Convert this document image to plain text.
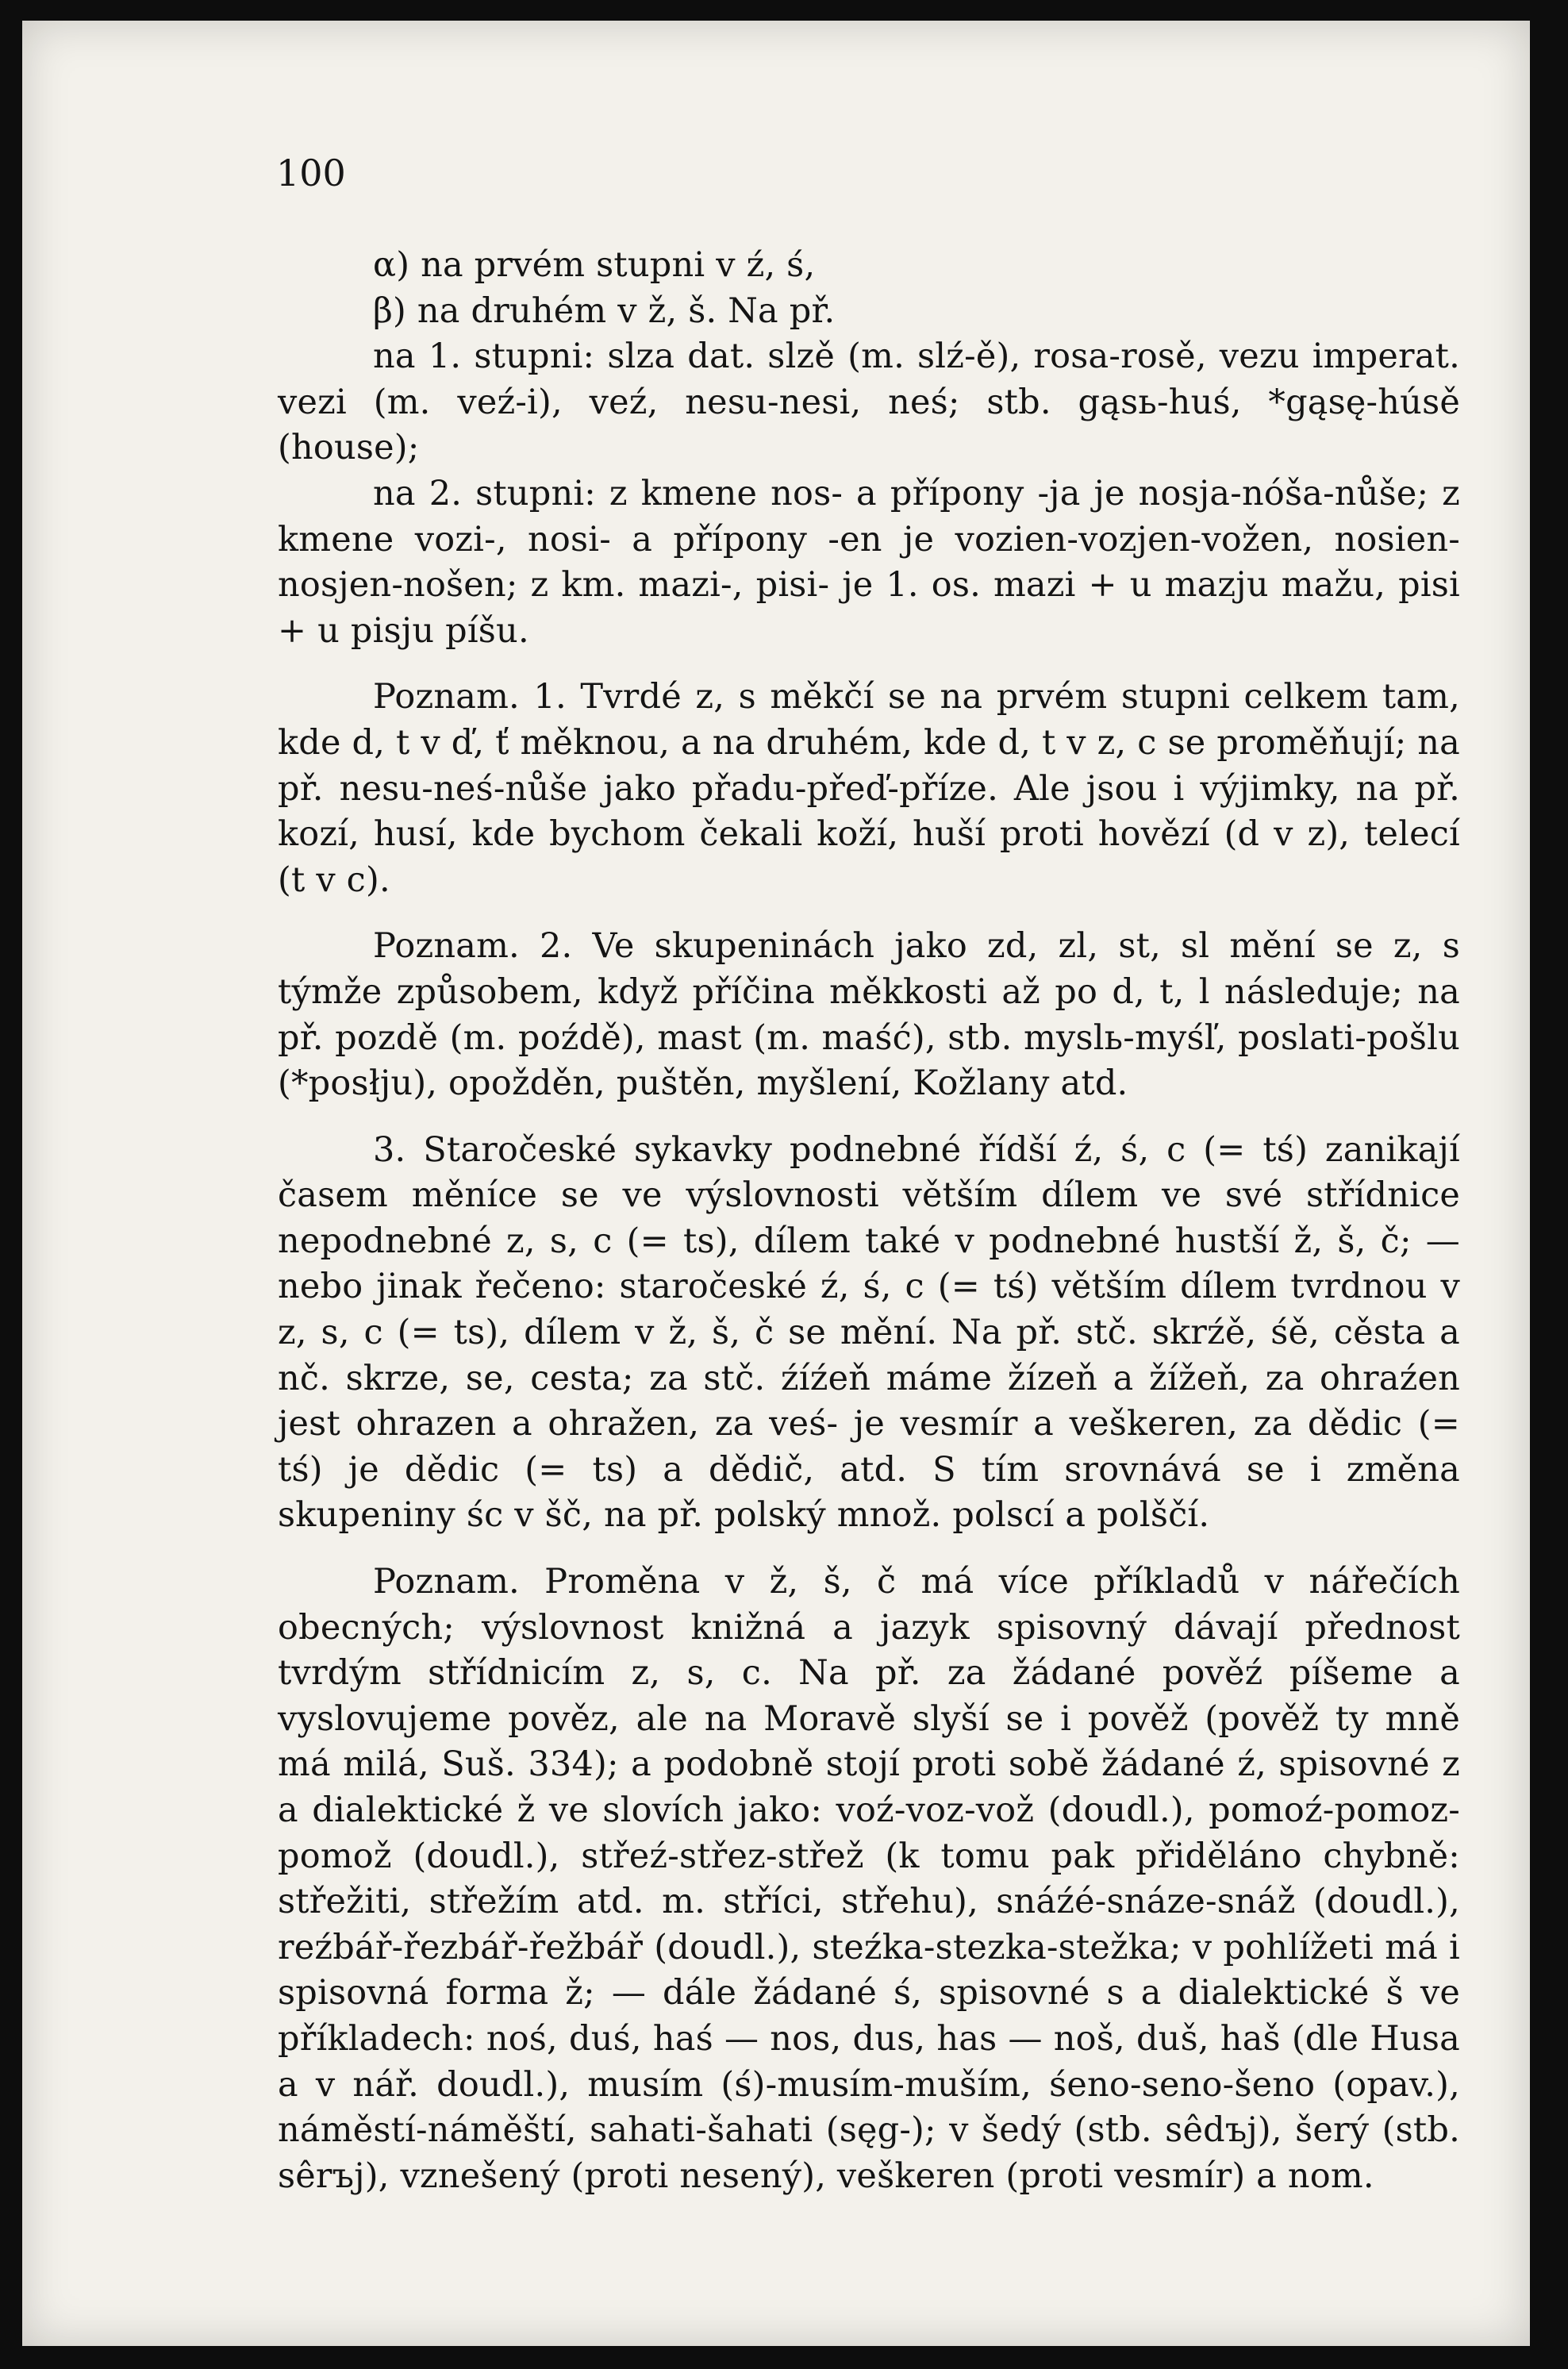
100
α) na prvém stupni v ź, ś,
β) na druhém v ž, š. Na př.
na 1. stupni: slza dat. slzě (m. slź-ě), rosa-rosě, vezu imperat. vezi (m. veź-i), veź, nesu-nesi, neś; stb. gąsь-huś, *gąsę-húsě (house);
na 2. stupni: z kmene nos- a přípony -ja je nosja-nóša-nůše; z kmene vozi-, nosi- a přípony -en je vozien-vozjen-vožen, nosien-nosjen-nošen; z km. mazi-, pisi- je 1. os. mazi + u mazju mažu, pisi + u pisju píšu.
Poznam. 1. Tvrdé z, s měkčí se na prvém stupni celkem tam, kde d, t v ď, ť měknou, a na druhém, kde d, t v z, c se proměňují; na př. nesu-neś-nůše jako přadu-přeď-příze. Ale jsou i výjimky, na př. kozí, husí, kde bychom čekali koží, huší proti hovězí (d v z), telecí (t v c).
Poznam. 2. Ve skupeninách jako zd, zl, st, sl mění se z, s týmže způsobem, když příčina měkkosti až po d, t, l následuje; na př. pozdě (m. poźdě), mast (m. maść), stb. myslь-myśľ, poslati-pošlu (*posłju), opožděn, puštěn, myšlení, Kožlany atd.
3. Staročeské sykavky podnebné řídší ź, ś, c (= tś) zanikají časem měníce se ve výslovnosti větším dílem ve své střídnice nepodnebné z, s, c (= ts), dílem také v podnebné hustší ž, š, č; — nebo jinak řečeno: staročeské ź, ś, c (= tś) větším dílem tvrdnou v z, s, c (= ts), dílem v ž, š, č se mění. Na př. stč. skrźě, śě, cěsta a nč. skrze, se, cesta; za stč. źíźeň máme žízeň a žížeň, za ohraźen jest ohrazen a ohražen, za veś- je vesmír a veškeren, za dědic (= tś) je dědic (= ts) a dědič, atd. S tím srovnává se i změna skupeniny śc v šč, na př. polský množ. polscí a polščí.
Poznam. Proměna v ž, š, č má více příkladů v nářečích obecných; výslovnost knižná a jazyk spisovný dávají přednost tvrdým střídnicím z, s, c. Na př. za žádané pověź píšeme a vyslovujeme pověz, ale na Moravě slyší se i pověž (pověž ty mně má milá, Suš. 334); a podobně stojí proti sobě žádané ź, spisovné z a dialektické ž ve slovích jako: voź-voz-vož (doudl.), pomoź-pomoz-pomož (doudl.), střeź-střez-střež (k tomu pak přiděláno chybně: střežiti, střežím atd. m. stříci, střehu), snáźé-snáze-snáž (doudl.), reźbář-řezbář-řežbář (doudl.), steźka-stezka-stežka; v pohlížeti má i spisovná forma ž; — dále žádané ś, spisovné s a dialektické š ve příkladech: noś, duś, haś — nos, dus, has — noš, duš, haš (dle Husa a v nář. doudl.), musím (ś)-musím-muším, śeno-seno-šeno (opav.), náměstí-náměští, sahati-šahati (sęg-); v šedý (stb. sêdъj), šerý (stb. sêrъj), vznešený (proti nesený), veškeren (proti vesmír) a nom.
